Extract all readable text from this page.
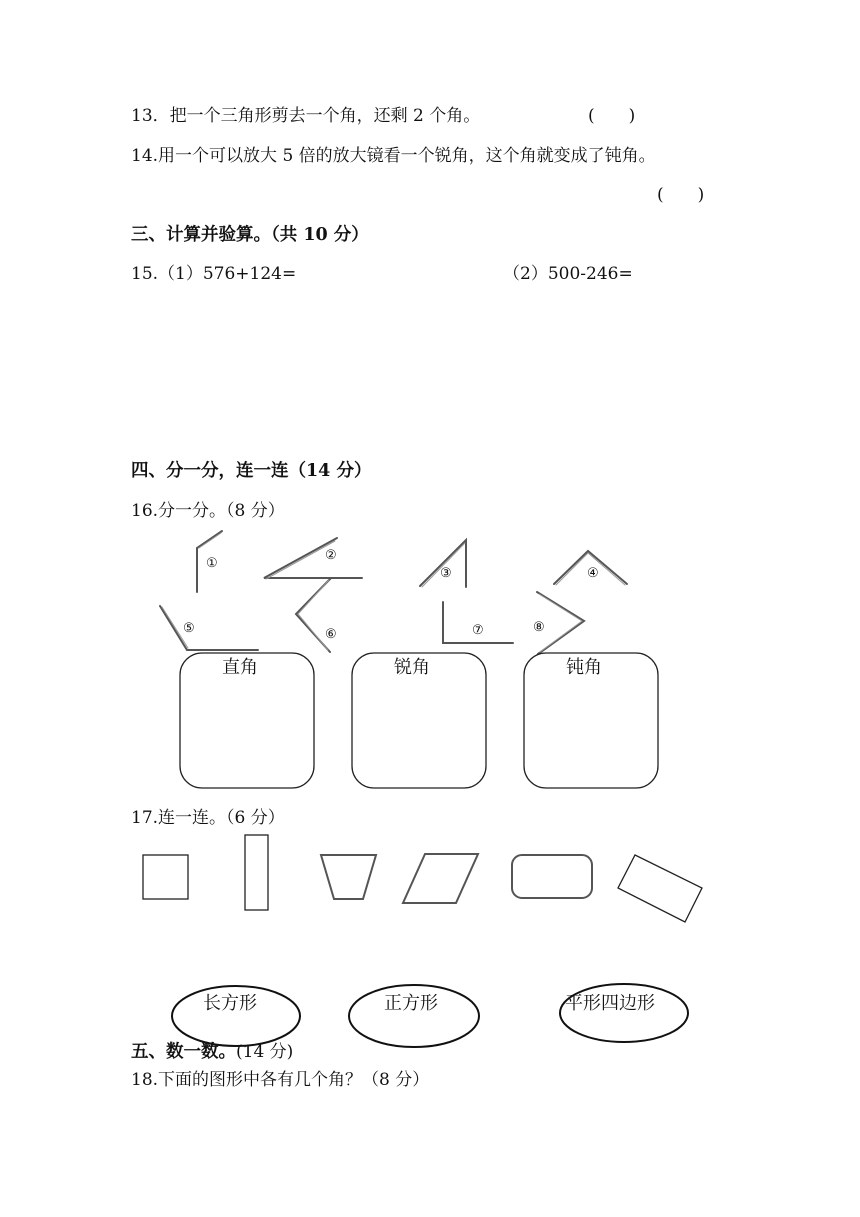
13．把一个三角形剪去一个角，还剩 2 个角。	(　　)
14.用一个可以放大 5 倍的放大镜看一个锐角，这个角就变成了钝角。
(　　)
三、计算并验算。（共 10 分）
15.（1）576+124=	（2）500-246=
四、分一分，连一连（14 分）
16.分一分。（8 分）
①
②
③	④
⑤	⑥	⑦	⑧
直角	锐角	钝角
17.连一连。（6 分）
长方形	正方形	平形四边形
五、数一数。(14 分)
18.下面的图形中各有几个角？（8 分）
